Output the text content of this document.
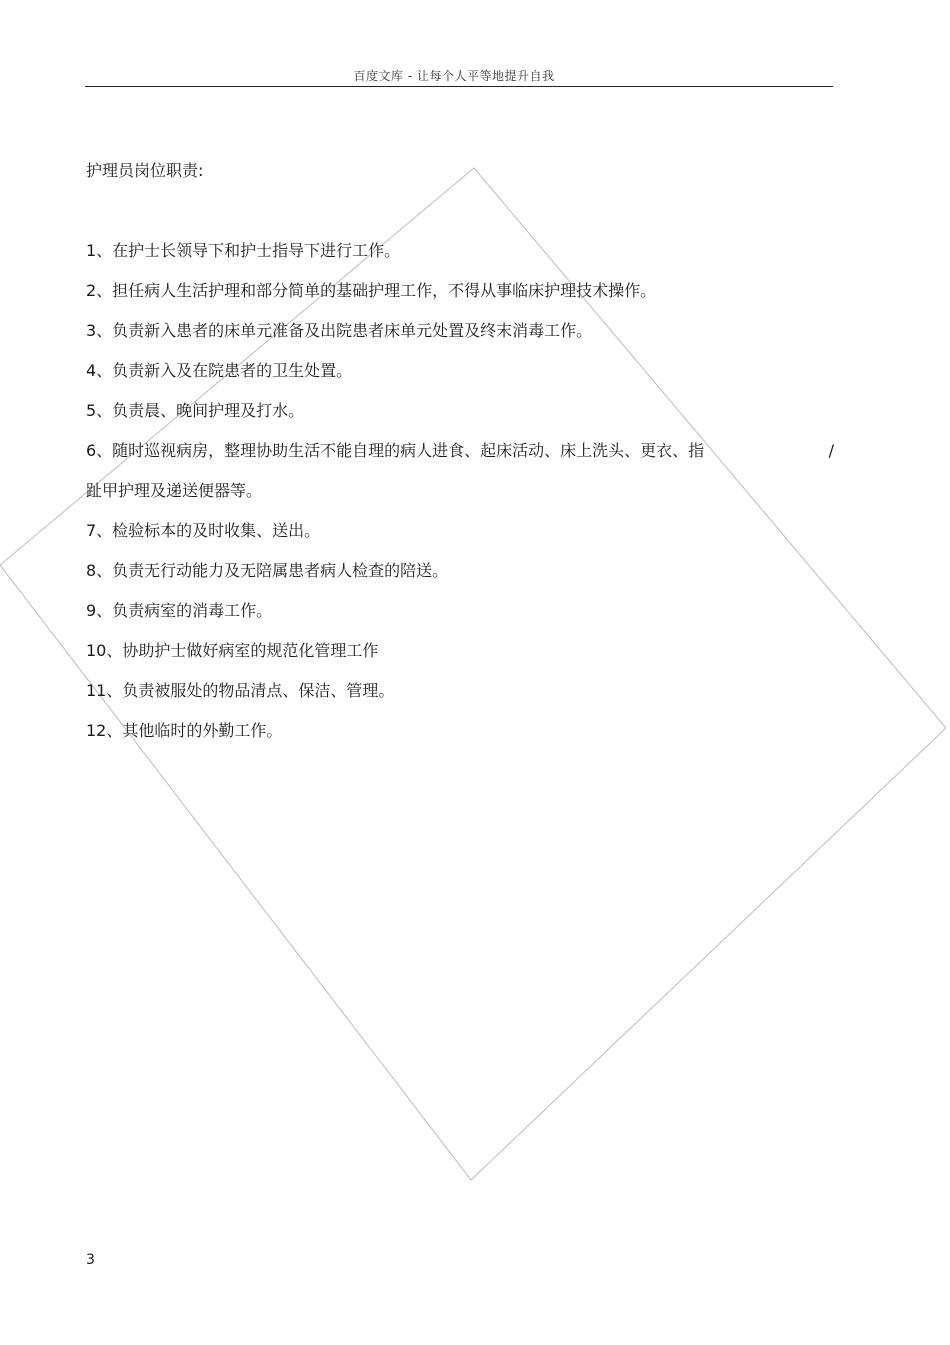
百度文库 - 让每个人平等地提升自我
护理员岗位职责:
1、在护士长领导下和护士指导下进行工作。
2、担任病人生活护理和部分简单的基础护理工作，不得从事临床护理技术操作。
3、负责新入患者的床单元准备及出院患者床单元处置及终末消毒工作。
4、负责新入及在院患者的卫生处置。
5、负责晨、晚间护理及打水。
6、随时巡视病房，整理协助生活不能自理的病人进食、起床活动、床上洗头、更衣、指	/
趾甲护理及递送便器等。
7、检验标本的及时收集、送出。
8、负责无行动能力及无陪属患者病人检查的陪送。
9、负责病室的消毒工作。
10、协助护士做好病室的规范化管理工作
11、负责被服处的物品清点、保洁、管理。
12、其他临时的外勤工作。
3
